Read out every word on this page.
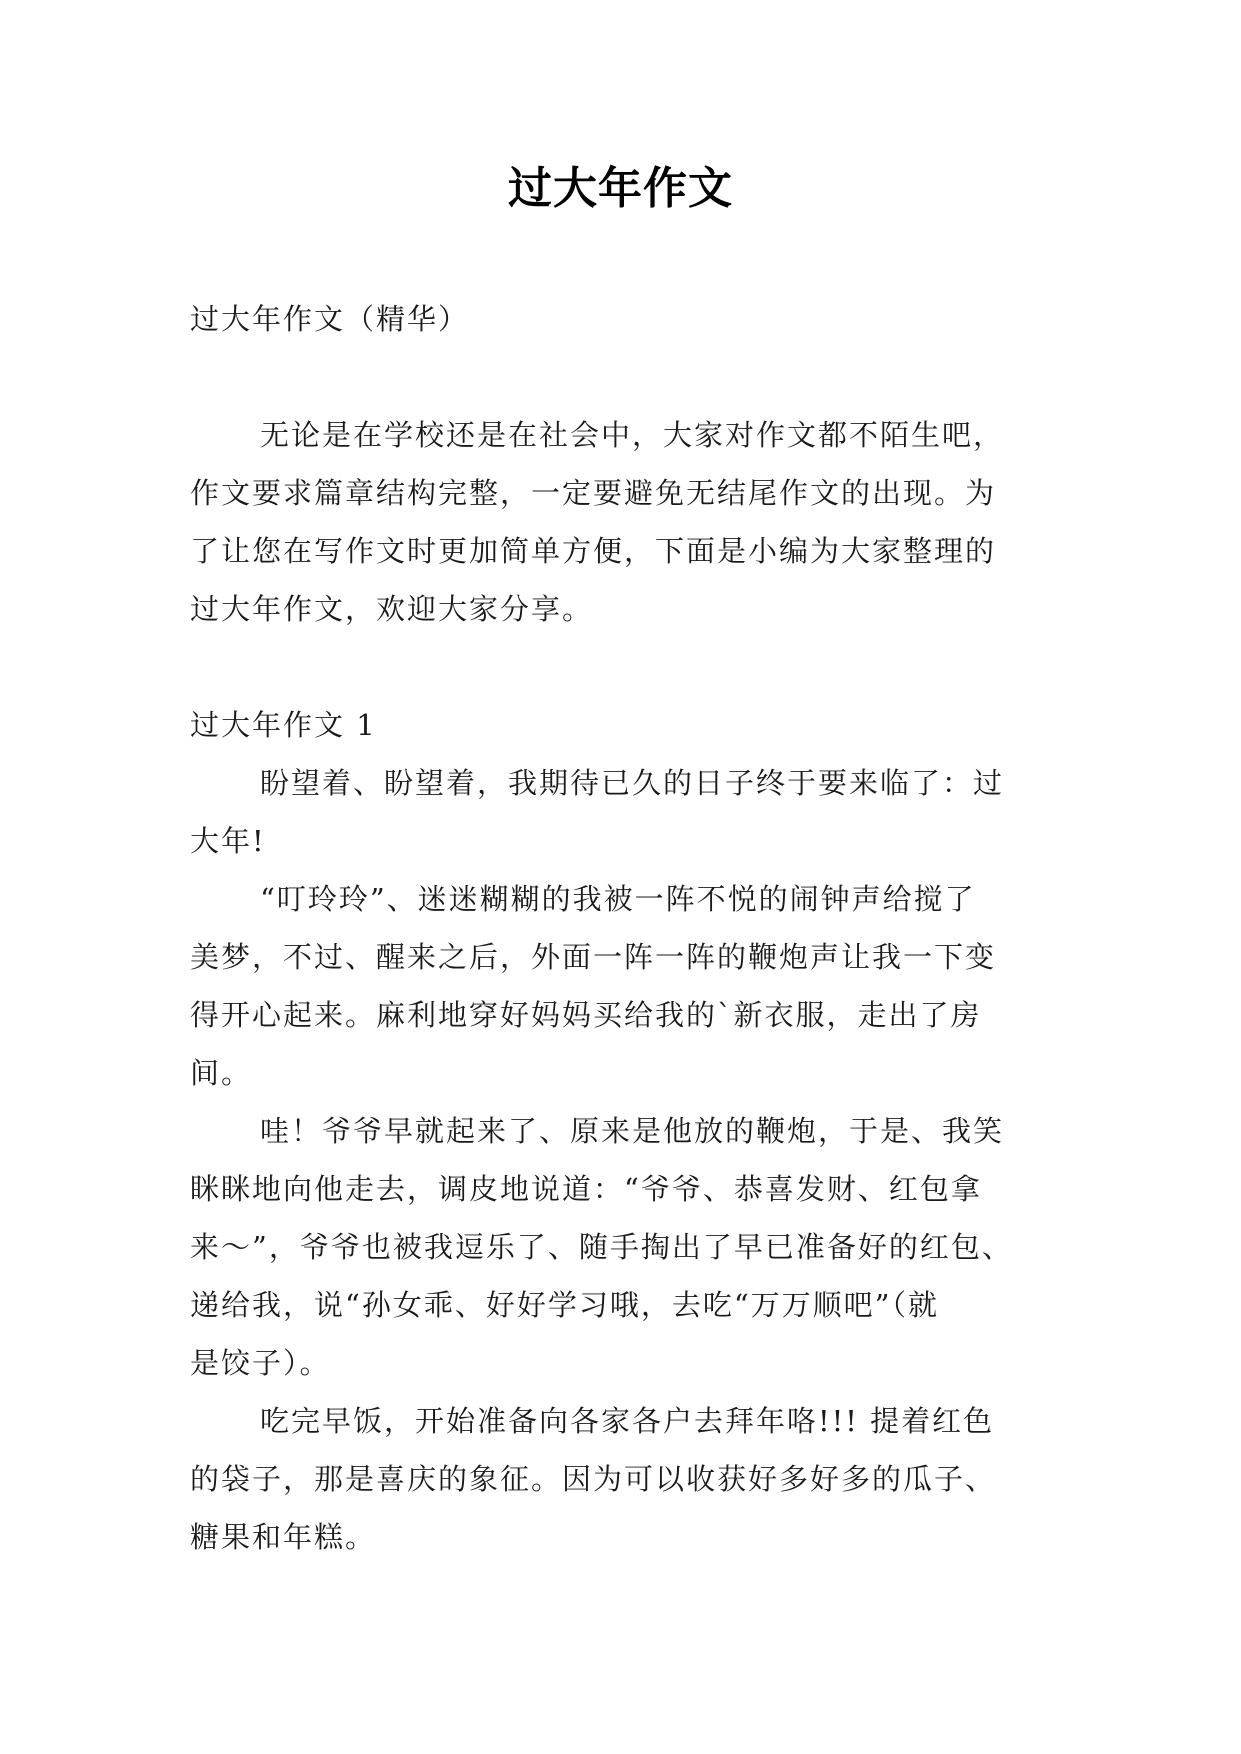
过大年作文
过大年作文（精华）
无论是在学校还是在社会中，大家对作文都不陌生吧，
作文要求篇章结构完整，一定要避免无结尾作文的出现。为
了让您在写作文时更加简单方便，下面是小编为大家整理的
过大年作文，欢迎大家分享。
过大年作文 1
盼望着、盼望着，我期待已久的日子终于要来临了：过
大年!
“叮玲玲”、迷迷糊糊的我被一阵不悦的闹钟声给搅了
美梦，不过、醒来之后，外面一阵一阵的鞭炮声让我一下变
得开心起来。麻利地穿好妈妈买给我的`新衣服，走出了房
间。
哇！爷爷早就起来了、原来是他放的鞭炮，于是、我笑
眯眯地向他走去，调皮地说道：“爷爷、恭喜发财、红包拿
来～”，爷爷也被我逗乐了、随手掏出了早已准备好的红包、
递给我，说“孙女乖、好好学习哦，去吃“万万顺吧”（就
是饺子）。
吃完早饭，开始准备向各家各户去拜年咯!!! 提着红色
的袋子，那是喜庆的象征。因为可以收获好多好多的瓜子、
糖果和年糕。
